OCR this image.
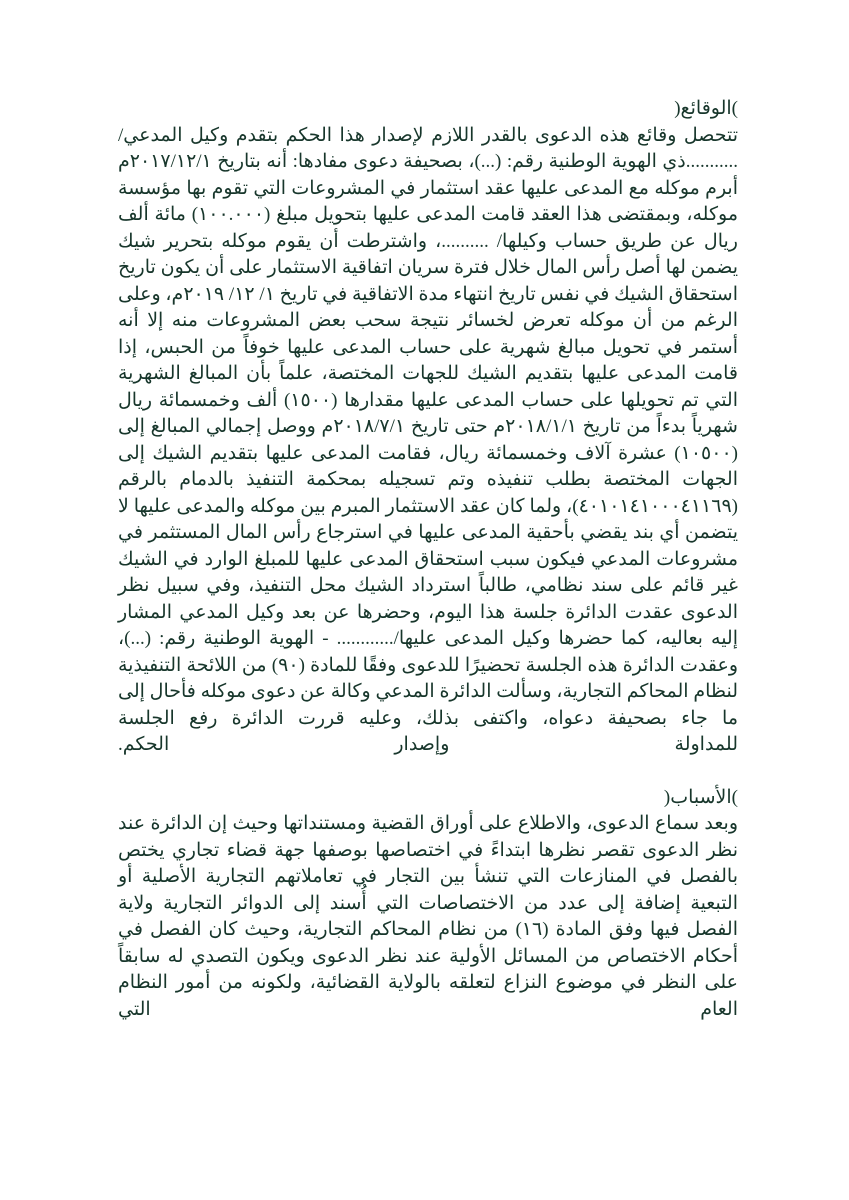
)الوقائع(
تتحصل وقائع هذه الدعوى بالقدر اللازم لإصدار هذا الحكم بتقدم وكيل المدعي/ ...........ذي الهوية الوطنية رقم: (...)، بصحيفة دعوى مفادها: أنه بتاريخ ٢٠١٧/١٢/١م أبرم موكله مع المدعى عليها عقد استثمار في المشروعات التي تقوم بها مؤسسة موكله، وبمقتضى هذا العقد قامت المدعى عليها بتحويل مبلغ (١٠٠.٠٠٠) مائة ألف ريال عن طريق حساب وكيلها/ ..........، واشترطت أن يقوم موكله بتحرير شيك يضمن لها أصل رأس المال خلال فترة سريان اتفاقية الاستثمار على أن يكون تاريخ استحقاق الشيك في نفس تاريخ انتهاء مدة الاتفاقية في تاريخ ١/ ١٢/ ٢٠١٩م، وعلى الرغم من أن موكله تعرض لخسائر نتيجة سحب بعض المشروعات منه إلا أنه أستمر في تحويل مبالغ شهرية على حساب المدعى عليها خوفاً من الحبس، إذا قامت المدعى عليها بتقديم الشيك للجهات المختصة، علماً بأن المبالغ الشهرية التي تم تحويلها على حساب المدعى عليها مقدارها (١٥٠٠) ألف وخمسمائة ريال شهرياً بدءاً من تاريخ ٢٠١٨/١/١م حتى تاريخ ٢٠١٨/٧/١م ووصل إجمالي المبالغ إلى (١٠٥٠٠) عشرة آلاف وخمسمائة ريال، فقامت المدعى عليها بتقديم الشيك إلى الجهات المختصة بطلب تنفيذه وتم تسجيله بمحكمة التنفيذ بالدمام بالرقم (٤٠١٠١٤١٠٠٠٤١١٦٩)، ولما كان عقد الاستثمار المبرم بين موكله والمدعى عليها لا يتضمن أي بند يقضي بأحقية المدعى عليها في استرجاع رأس المال المستثمر في مشروعات المدعي فيكون سبب استحقاق المدعى عليها للمبلغ الوارد في الشيك غير قائم على سند نظامي، طالباً استرداد الشيك محل التنفيذ، وفي سبيل نظر الدعوى عقدت الدائرة جلسة هذا اليوم، وحضرها عن بعد وكيل المدعي المشار إليه بعاليه، كما حضرها وكيل المدعى عليها/............ - الهوية الوطنية رقم: (...)، وعقدت الدائرة هذه الجلسة تحضيرًا للدعوى وفقًا للمادة (٩٠) من اللائحة التنفيذية لنظام المحاكم التجارية، وسألت الدائرة المدعي وكالة عن دعوى موكله فأحال إلى ما جاء بصحيفة دعواه، واكتفى بذلك، وعليه قررت الدائرة رفع الجلسة
للمداولة
وإصدار
الحكم.
)الأسباب(
وبعد سماع الدعوى، والاطلاع على أوراق القضية ومستنداتها وحيث إن الدائرة عند نظر الدعوى تقصر نظرها ابتداءً في اختصاصها بوصفها جهة قضاء تجاري يختص بالفصل في المنازعات التي تنشأ بين التجار في تعاملاتهم التجارية الأصلية أو التبعية إضافة إلى عدد من الاختصاصات التي أُسند إلى الدوائر التجارية ولاية الفصل فيها وفق المادة (١٦) من نظام المحاكم التجارية، وحيث كان الفصل في أحكام الاختصاص من المسائل الأولية عند نظر الدعوى ويكون التصدي له سابقاً على النظر في موضوع النزاع لتعلقه بالولاية القضائية، ولكونه من أمور النظام العام التي
